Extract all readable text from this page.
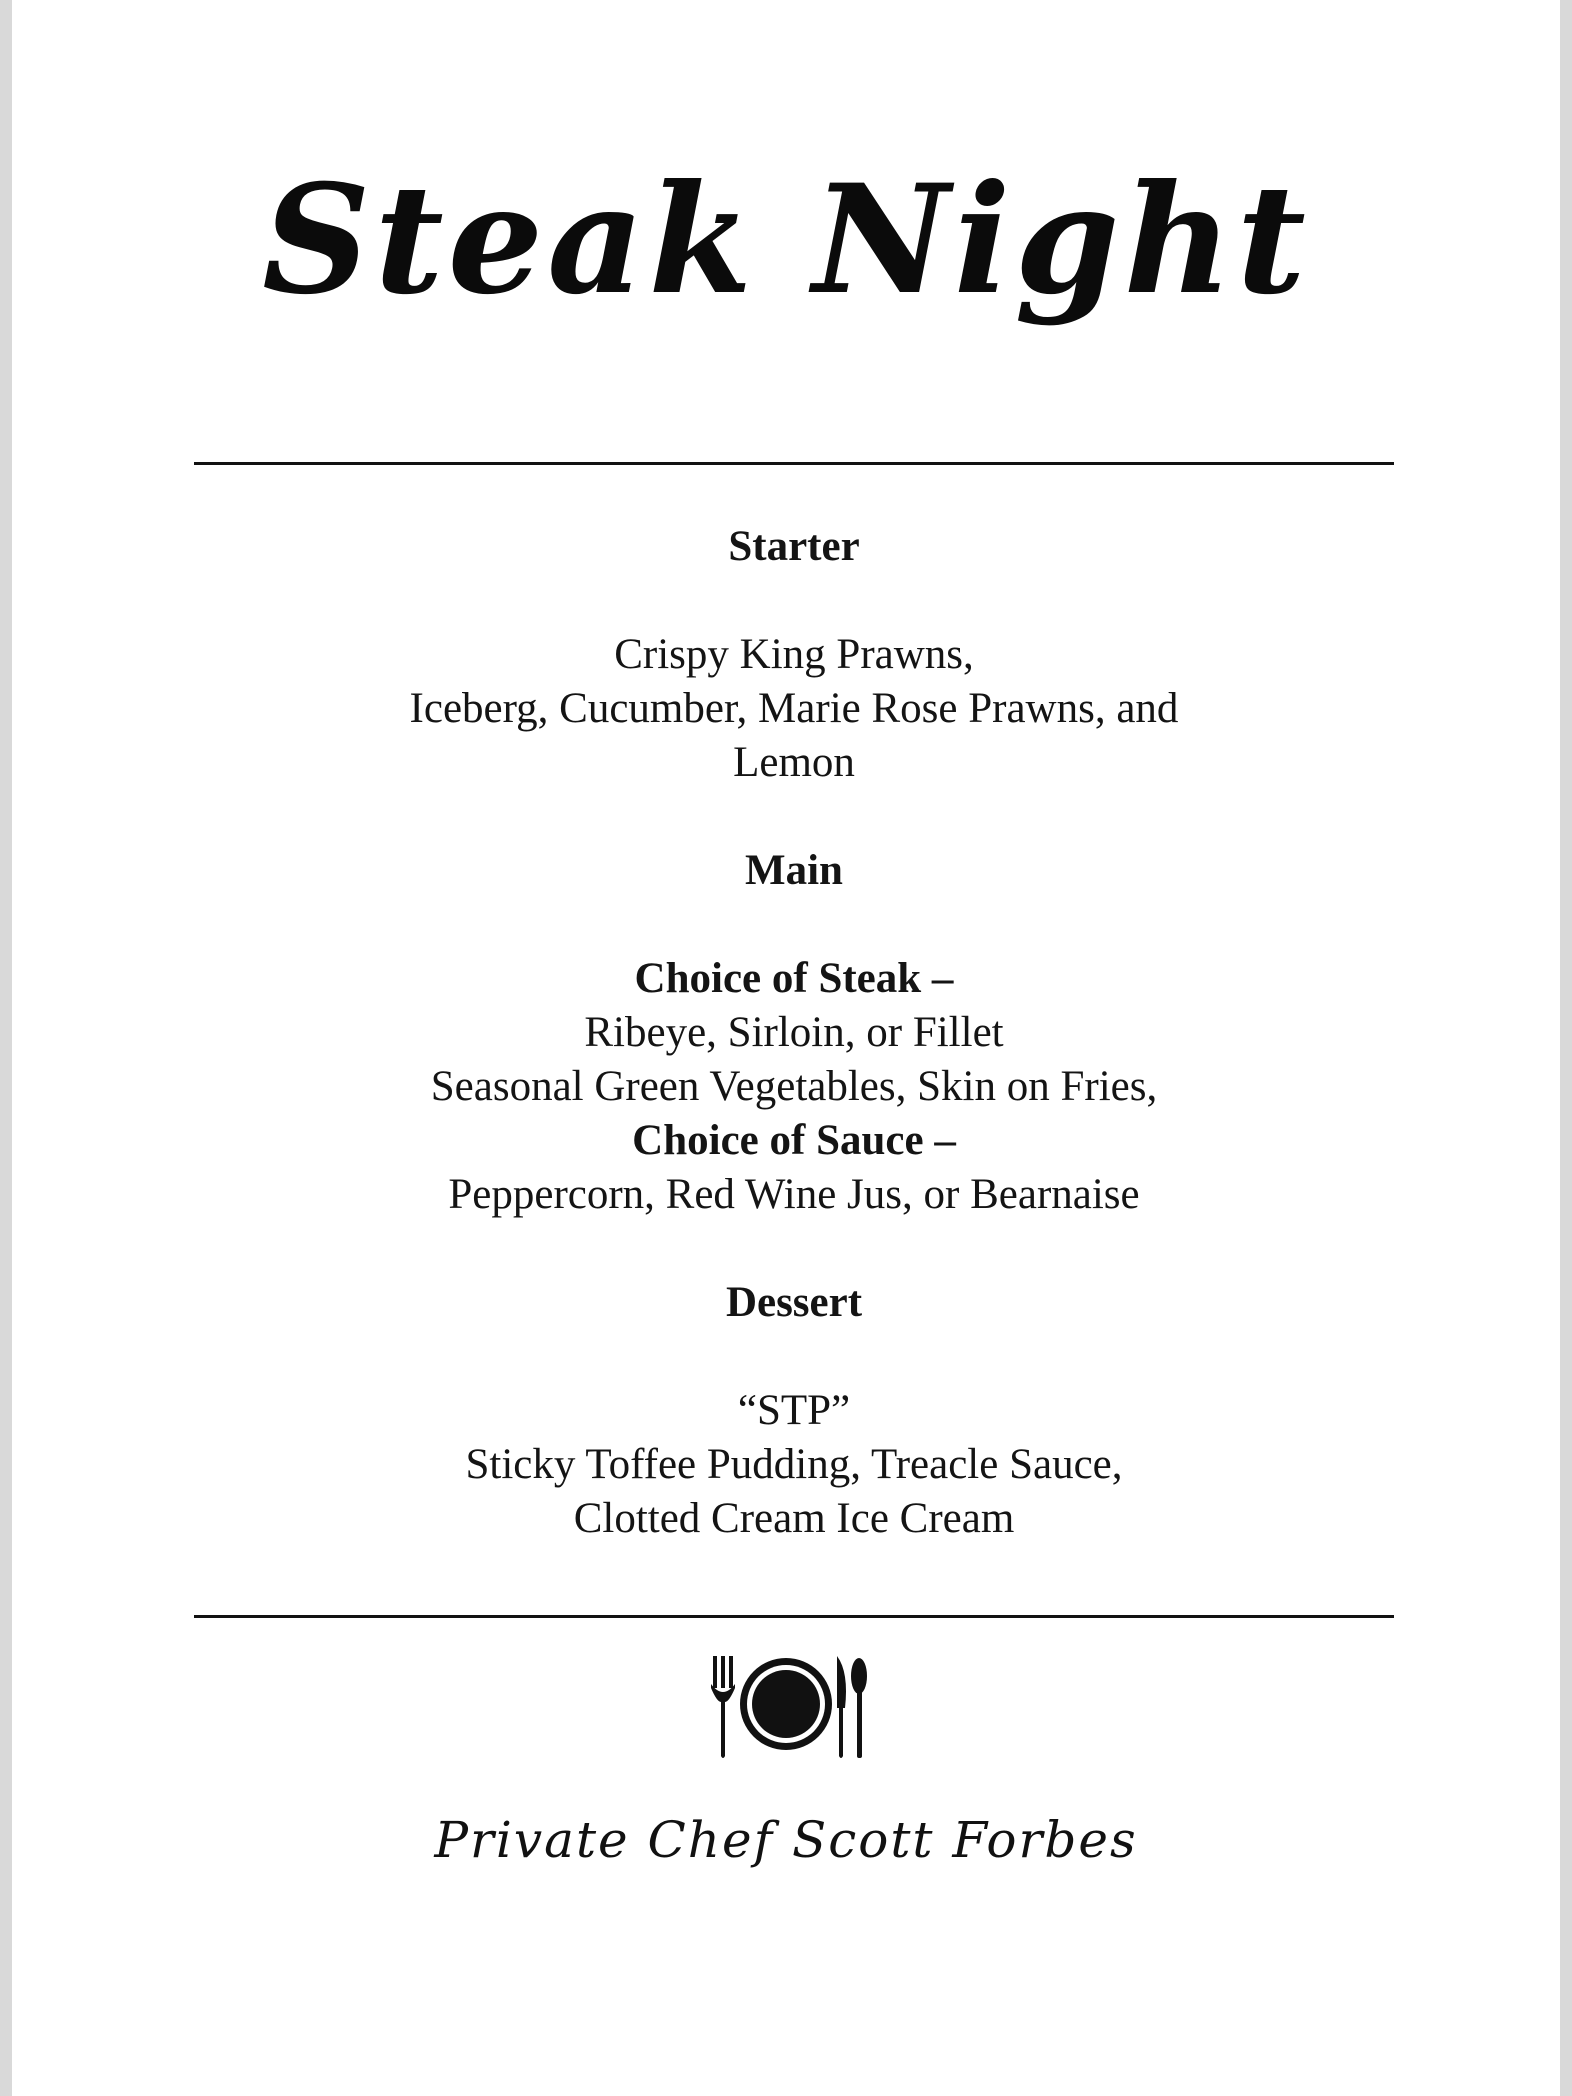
Steak Night
Starter
Crispy King Prawns,
Iceberg, Cucumber, Marie Rose Prawns, and
Lemon
Main
Choice of Steak –
Ribeye, Sirloin, or Fillet
Seasonal Green Vegetables, Skin on Fries,
Choice of Sauce –
Peppercorn, Red Wine Jus, or Bearnaise
Dessert
“STP”
Sticky Toffee Pudding, Treacle Sauce,
Clotted Cream Ice Cream
Private Chef Scott Forbes
